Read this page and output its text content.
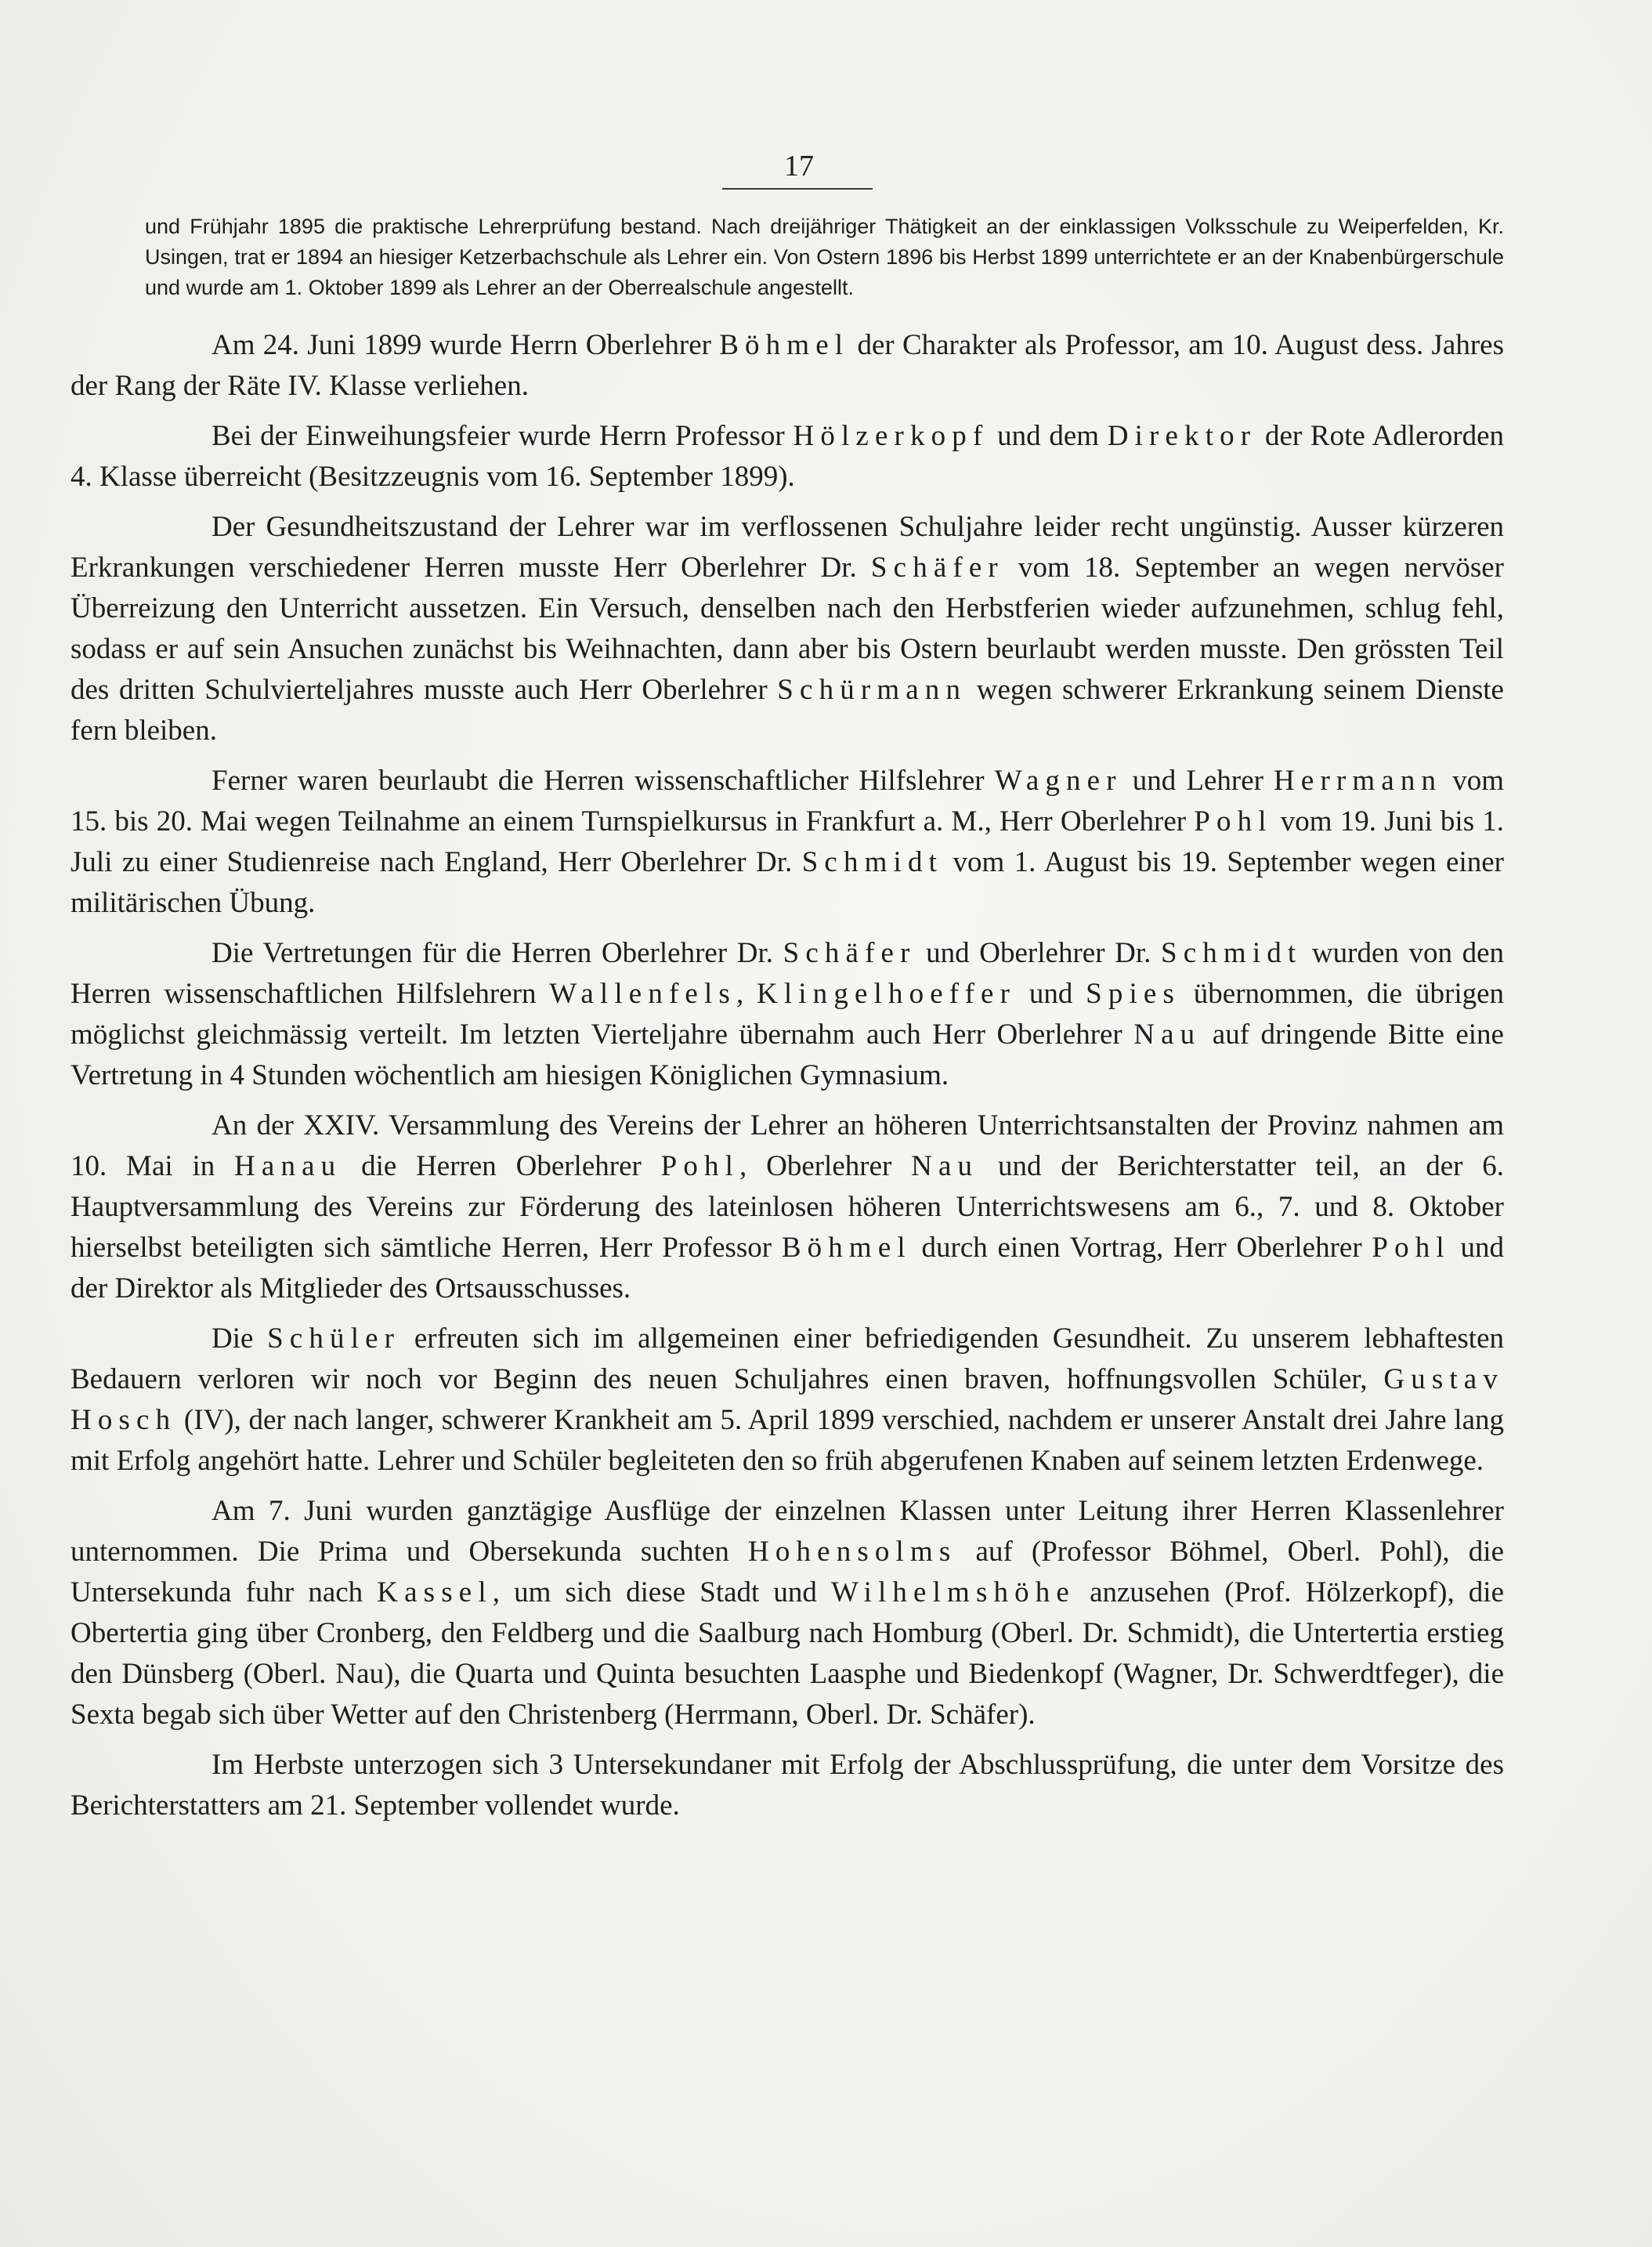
17

und Frühjahr 1895 die praktische Lehrerprüfung bestand. Nach dreijähriger Thätigkeit an der einklassigen Volksschule zu Weiperfelden, Kr. Usingen, trat er 1894 an hiesiger Ketzerbachschule als Lehrer ein. Von Ostern 1896 bis Herbst 1899 unterrichtete er an der Knabenbürgerschule und wurde am 1. Oktober 1899 als Lehrer an der Oberrealschule angestellt.

Am 24. Juni 1899 wurde Herrn Oberlehrer Böhmel der Charakter als Professor, am 10. August dess. Jahres der Rang der Räte IV. Klasse verliehen.

Bei der Einweihungsfeier wurde Herrn Professor Hölzerkopf und dem Direktor der Rote Adlerorden 4. Klasse überreicht (Besitzzeugnis vom 16. September 1899).

Der Gesundheitszustand der Lehrer war im verflossenen Schuljahre leider recht ungünstig. Ausser kürzeren Erkrankungen verschiedener Herren musste Herr Oberlehrer Dr. Schäfer vom 18. September an wegen nervöser Überreizung den Unterricht aussetzen. Ein Versuch, denselben nach den Herbstferien wieder aufzunehmen, schlug fehl, sodass er auf sein Ansuchen zunächst bis Weihnachten, dann aber bis Ostern beurlaubt werden musste. Den grössten Teil des dritten Schulvierteljahres musste auch Herr Oberlehrer Schürmann wegen schwerer Erkrankung seinem Dienste fern bleiben.

Ferner waren beurlaubt die Herren wissenschaftlicher Hilfslehrer Wagner und Lehrer Herrmann vom 15. bis 20. Mai wegen Teilnahme an einem Turnspielkursus in Frankfurt a. M., Herr Oberlehrer Pohl vom 19. Juni bis 1. Juli zu einer Studienreise nach England, Herr Oberlehrer Dr. Schmidt vom 1. August bis 19. September wegen einer militärischen Übung.

Die Vertretungen für die Herren Oberlehrer Dr. Schäfer und Oberlehrer Dr. Schmidt wurden von den Herren wissenschaftlichen Hilfslehrern Wallenfels, Klingelhoeffer und Spies übernommen, die übrigen möglichst gleichmässig verteilt. Im letzten Vierteljahre übernahm auch Herr Oberlehrer Nau auf dringende Bitte eine Vertretung in 4 Stunden wöchentlich am hiesigen Königlichen Gymnasium.

An der XXIV. Versammlung des Vereins der Lehrer an höheren Unterrichtsanstalten der Provinz nahmen am 10. Mai in Hanau die Herren Oberlehrer Pohl, Oberlehrer Nau und der Berichterstatter teil, an der 6. Hauptversammlung des Vereins zur Förderung des lateinlosen höheren Unterrichtswesens am 6., 7. und 8. Oktober hierselbst beteiligten sich sämtliche Herren, Herr Professor Böhmel durch einen Vortrag, Herr Oberlehrer Pohl und der Direktor als Mitglieder des Ortsausschusses.

Die Schüler erfreuten sich im allgemeinen einer befriedigenden Gesundheit. Zu unserem lebhaftesten Bedauern verloren wir noch vor Beginn des neuen Schuljahres einen braven, hoffnungsvollen Schüler, Gustav Hosch (IV), der nach langer, schwerer Krankheit am 5. April 1899 verschied, nachdem er unserer Anstalt drei Jahre lang mit Erfolg angehört hatte. Lehrer und Schüler begleiteten den so früh abgerufenen Knaben auf seinem letzten Erdenwege.

Am 7. Juni wurden ganztägige Ausflüge der einzelnen Klassen unter Leitung ihrer Herren Klassenlehrer unternommen. Die Prima und Obersekunda suchten Hohensolms auf (Professor Böhmel, Oberl. Pohl), die Untersekunda fuhr nach Kassel, um sich diese Stadt und Wilhelmshöhe anzusehen (Prof. Hölzerkopf), die Obertertia ging über Cronberg, den Feldberg und die Saalburg nach Homburg (Oberl. Dr. Schmidt), die Untertertia erstieg den Dünsberg (Oberl. Nau), die Quarta und Quinta besuchten Laasphe und Biedenkopf (Wagner, Dr. Schwerdtfeger), die Sexta begab sich über Wetter auf den Christenberg (Herrmann, Oberl. Dr. Schäfer).

Im Herbste unterzogen sich 3 Untersekundaner mit Erfolg der Abschlussprüfung, die unter dem Vorsitze des Berichterstatters am 21. September vollendet wurde.
